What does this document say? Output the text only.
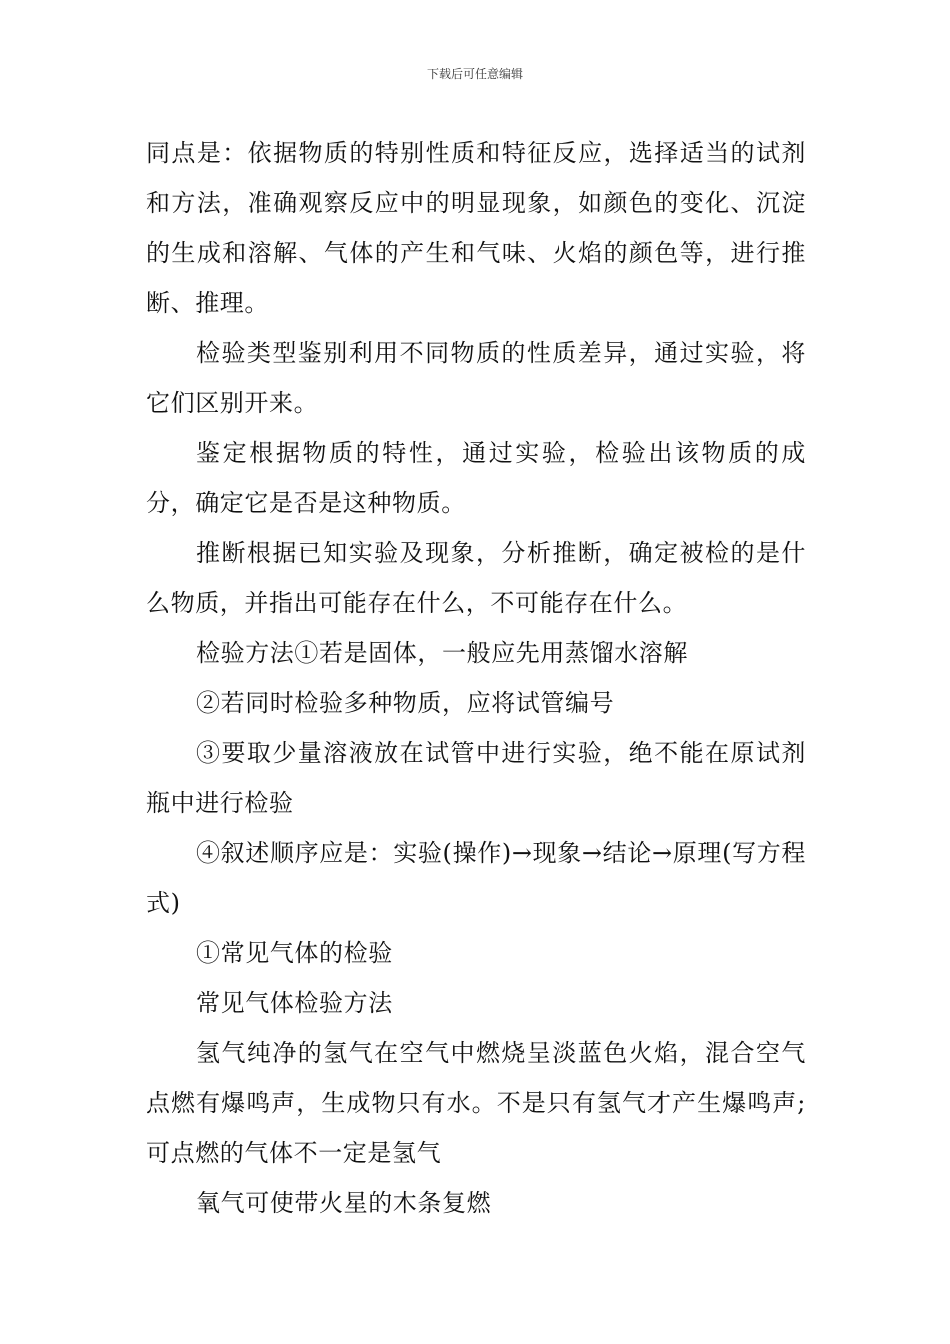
下载后可任意编辑

同点是：依据物质的特别性质和特征反应，选择适当的试剂和方法，准确观察反应中的明显现象，如颜色的变化、沉淀的生成和溶解、气体的产生和气味、火焰的颜色等，进行推断、推理。

检验类型鉴别利用不同物质的性质差异，通过实验，将它们区别开来。

鉴定根据物质的特性，通过实验，检验出该物质的成分，确定它是否是这种物质。

推断根据已知实验及现象，分析推断，确定被检的是什么物质，并指出可能存在什么，不可能存在什么。

检验方法①若是固体，一般应先用蒸馏水溶解

②若同时检验多种物质，应将试管编号

③要取少量溶液放在试管中进行实验，绝不能在原试剂瓶中进行检验

④叙述顺序应是：实验(操作)→现象→结论→原理(写方程式)

①常见气体的检验

常见气体检验方法

氢气纯净的氢气在空气中燃烧呈淡蓝色火焰，混合空气点燃有爆鸣声，生成物只有水。不是只有氢气才产生爆鸣声;可点燃的气体不一定是氢气

氧气可使带火星的木条复燃
